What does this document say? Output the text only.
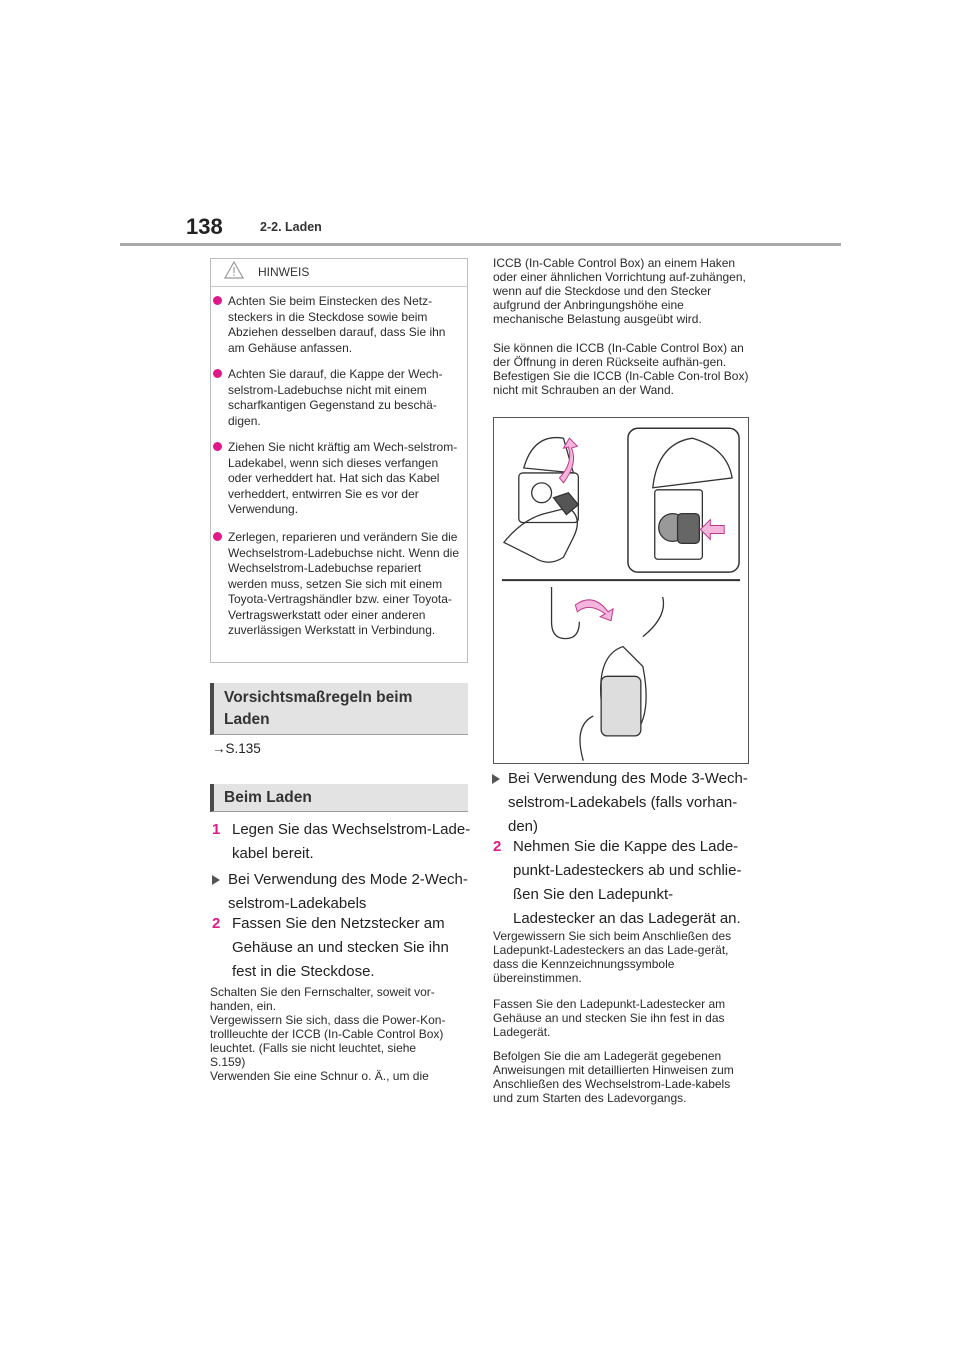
138	2-2. Laden
HINWEIS
Achten Sie beim Einstecken des Netz-steckers in die Steckdose sowie beim Abziehen desselben darauf, dass Sie ihn am Gehäuse anfassen.
Achten Sie darauf, die Kappe der Wech-selstrom-Ladebuchse nicht mit einem scharfkantigen Gegenstand zu beschä-digen.
Ziehen Sie nicht kräftig am Wech-selstrom-Ladekabel, wenn sich dieses verfangen oder verheddert hat. Hat sich das Kabel verheddert, entwirren Sie es vor der Verwendung.
Zerlegen, reparieren und verändern Sie die Wechselstrom-Ladebuchse nicht. Wenn die Wechselstrom-Ladebuchse repariert werden muss, setzen Sie sich mit einem Toyota-Vertragshändler bzw. einer Toyota-Vertragswerkstatt oder einer anderen zuverlässigen Werkstatt in Verbindung.
Vorsichtsmaßregeln beim Laden
→S.135
Beim Laden
1 Legen Sie das Wechselstrom-Lade-kabel bereit.
Bei Verwendung des Mode 2-Wech-selstrom-Ladekabels
2 Fassen Sie den Netzstecker am Gehäuse an und stecken Sie ihn fest in die Steckdose.
Schalten Sie den Fernschalter, soweit vor-
handen, ein.
Vergewissern Sie sich, dass die Power-Kon-
trollleuchte der ICCB (In-Cable Control Box)
leuchtet. (Falls sie nicht leuchtet, siehe
S.159)
Verwenden Sie eine Schnur o. Ä., um die
ICCB (In-Cable Control Box) an einem Haken oder einer ähnlichen Vorrichtung auf-zuhängen, wenn auf die Steckdose und den Stecker aufgrund der Anbringungshöhe eine mechanische Belastung ausgeübt wird.
Sie können die ICCB (In-Cable Control Box) an der Öffnung in deren Rückseite aufhän-gen. Befestigen Sie die ICCB (In-Cable Con-trol Box) nicht mit Schrauben an der Wand.
Bei Verwendung des Mode 3-Wech-selstrom-Ladekabels (falls vorhan-den)
2 Nehmen Sie die Kappe des Lade-punkt-Ladesteckers ab und schlie-ßen Sie den Ladepunkt-Ladestecker an das Ladegerät an.
Vergewissern Sie sich beim Anschließen des Ladepunkt-Ladesteckers an das Lade-gerät, dass die Kennzeichnungssymbole übereinstimmen.
Fassen Sie den Ladepunkt-Ladestecker am Gehäuse an und stecken Sie ihn fest in das Ladegerät.
Befolgen Sie die am Ladegerät gegebenen Anweisungen mit detaillierten Hinweisen zum Anschließen des Wechselstrom-Lade-kabels und zum Starten des Ladevorgangs.
